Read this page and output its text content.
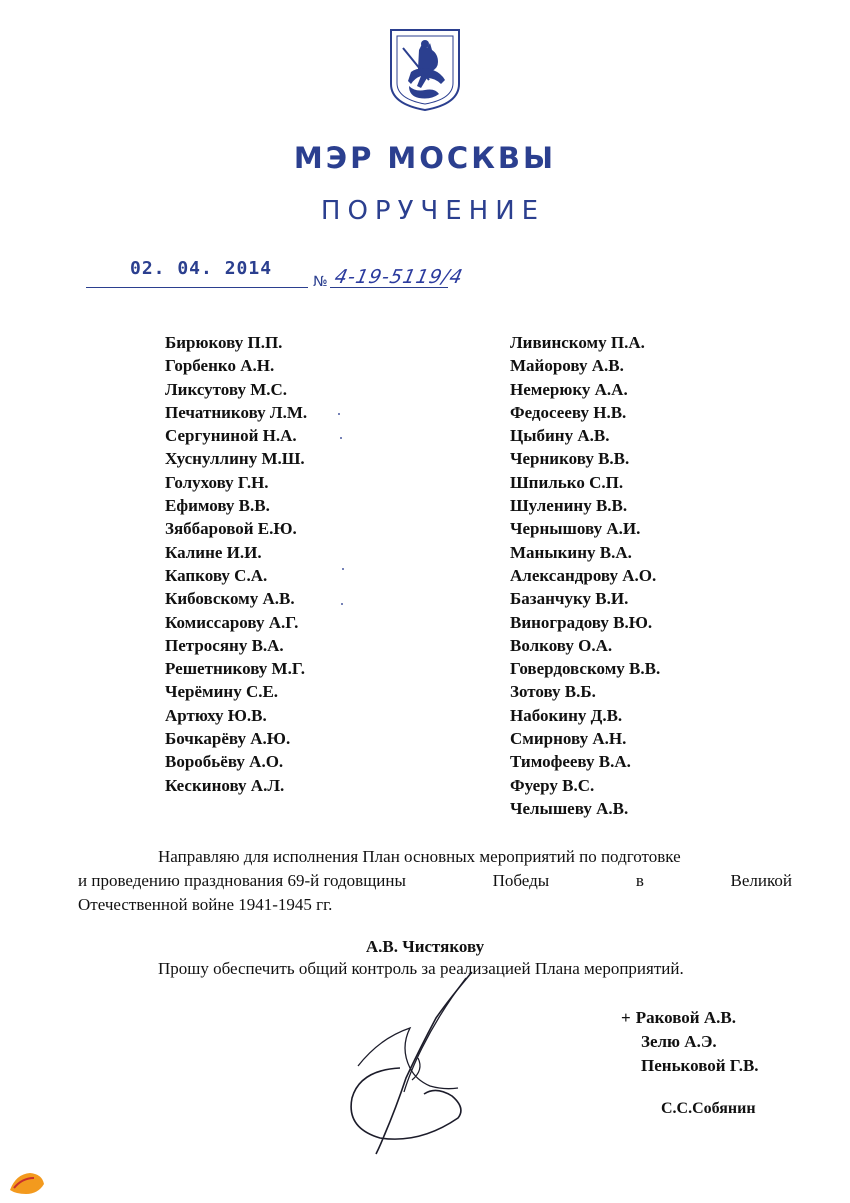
МЭР МОСКВЫ
ПОРУЧЕНИЕ
02. 04. 2014
№ 4-19-5119/4
Бирюкову П.П.
Горбенко А.Н.
Ликсутову М.С.
Печатникову Л.М.
Сергуниной Н.А.
Хуснуллину М.Ш.
Голухову Г.Н.
Ефимову В.В.
Зяббаровой Е.Ю.
Калине И.И.
Капкову С.А.
Кибовскому А.В.
Комиссарову А.Г.
Петросяну В.А.
Решетникову М.Г.
Черёмину С.Е.
Артюху Ю.В.
Бочкарёву А.Ю.
Воробьёву А.О.
Кескинову А.Л.
Ливинскому П.А.
Майорову А.В.
Немерюку А.А.
Федосееву Н.В.
Цыбину А.В.
Черникову В.В.
Шпилько С.П.
Шуленину В.В.
Чернышову А.И.
Маныкину В.А.
Александрову А.О.
Базанчуку В.И.
Виноградову В.Ю.
Волкову О.А.
Говердовскому В.В.
Зотову В.Б.
Набокину Д.В.
Смирнову А.Н.
Тимофееву В.А.
Фуеру В.С.
Челышеву А.В.
Направляю для исполнения План основных мероприятий по подготовке
и проведению празднования 69-й годовщины	Победы	в	Великой
Отечественной войне 1941-1945 гг.
А.В. Чистякову
Прошу обеспечить общий контроль за реализацией Плана мероприятий.
+ Раковой А.В.
Зелю А.Э.
Пеньковой Г.В.
С.С.Собянин
